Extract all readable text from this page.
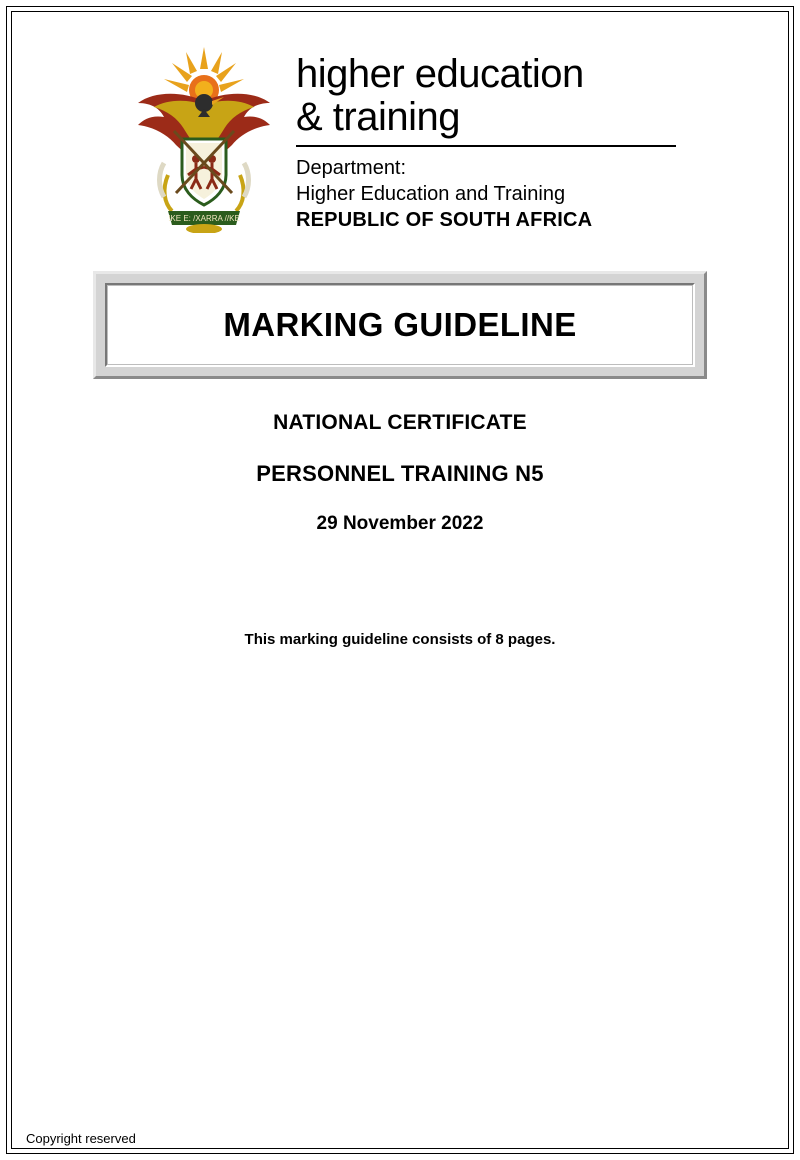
!KE E: /XARRA //KE
higher education
& training
Department:
Higher Education and Training
REPUBLIC OF SOUTH AFRICA
MARKING GUIDELINE
NATIONAL CERTIFICATE
PERSONNEL TRAINING N5
29 November 2022
This marking guideline consists of 8 pages.
Copyright reserved
